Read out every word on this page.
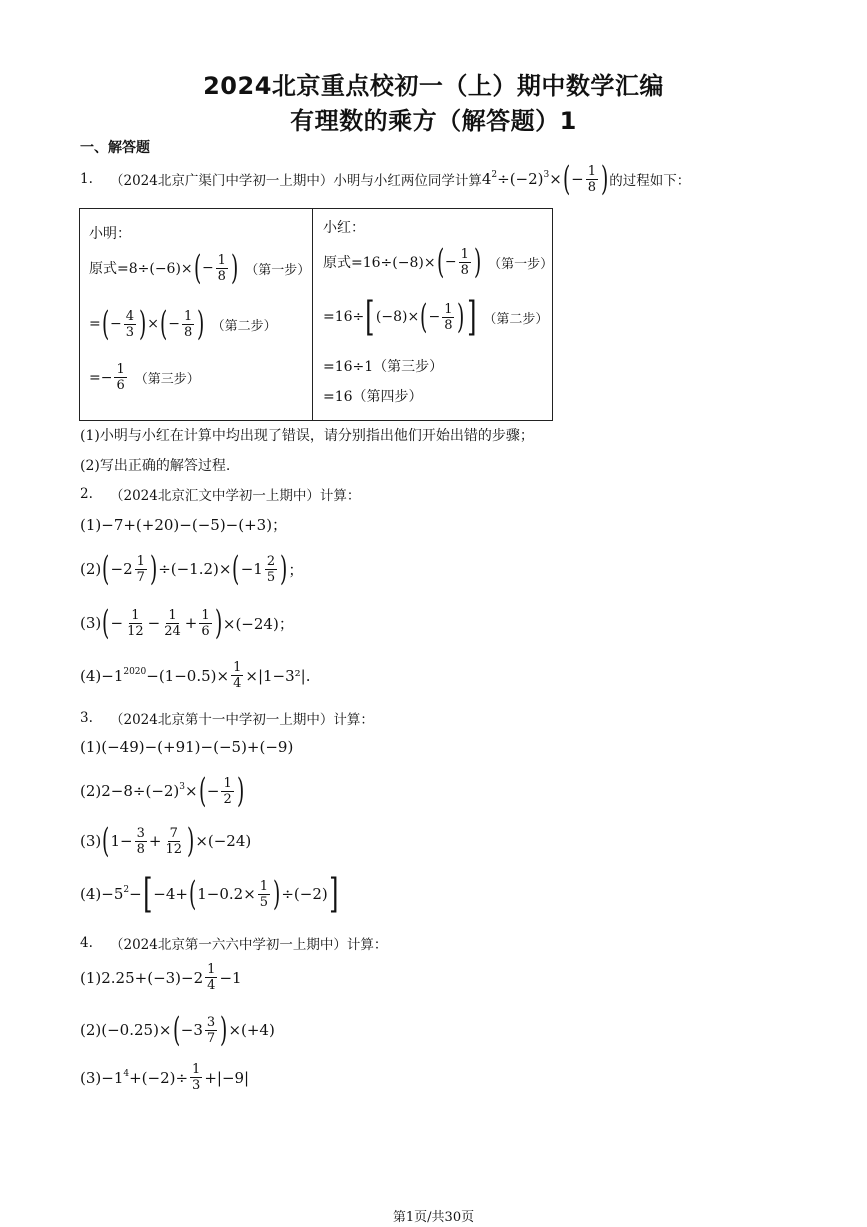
2024北京重点校初一（上）期中数学汇编
有理数的乘方（解答题）1
一、解答题
1.	（2024北京广渠门中学初一上期中）小明与小红两位同学计算 4 2 ÷(−2) 3 × ( − $\frac{1}{8}$ ) 的过程如下：
小明：
原式=8÷(−6)× ( − $\frac{1}{8}$ ) （第一步）
= ( − $\frac{4}{3}$ ) × ( − $\frac{1}{8}$ ) （第二步）
=− $\frac{1}{6}$ （第三步）
小红：
原式=16÷(−8)× ( − $\frac{1}{8}$ ) （第一步）
=16÷ [ (−8)× ( − $\frac{1}{8}$ ) ] （第二步）
=16÷1（第三步）
=16（第四步）
(1)小明与小红在计算中均出现了错误，请分别指出他们开始出错的步骤；
(2)写出正确的解答过程.
2.	（2024北京汇文中学初一上期中）计算：
(1)−7+(+20)−(−5)−(+3)；
(2) ( $-2 \frac{1}{7}$ ) ÷(−1.2)× ( $-1 \frac{2}{5}$ ) ；
(3) ( − $\frac{1}{12} - \frac{1}{24} + \frac{1}{6}$ ) ×(−24)；
(4)−1 $2020 -(1-0.5)\times \frac{1}{4} \times |1-3^2|$.
3.	（2024北京第十一中学初一上期中）计算：
(1)(−49)−(+91)−(−5)+(−9)
(2)2−8÷(−2) 3 × ( − $\frac{1}{2}$ )
(3) ( $1- \frac{3}{8} + \frac{7}{12}$ ) ×(−24)
(4)−5 2 − [ −4+ ( $1-0.2\times \frac{1}{5}$ ) ÷(−2) ]
4.	（2024北京第一六六中学初一上期中）计算：
$(1)2.25+(-3)-2 \frac{1}{4} -1$
(2)(−0.25)× ( $-3 \frac{3}{7}$ ) ×(+4)
(3)−1 $4 +(-2)\div \frac{1}{3} +|-9|$
第1页/共30页
